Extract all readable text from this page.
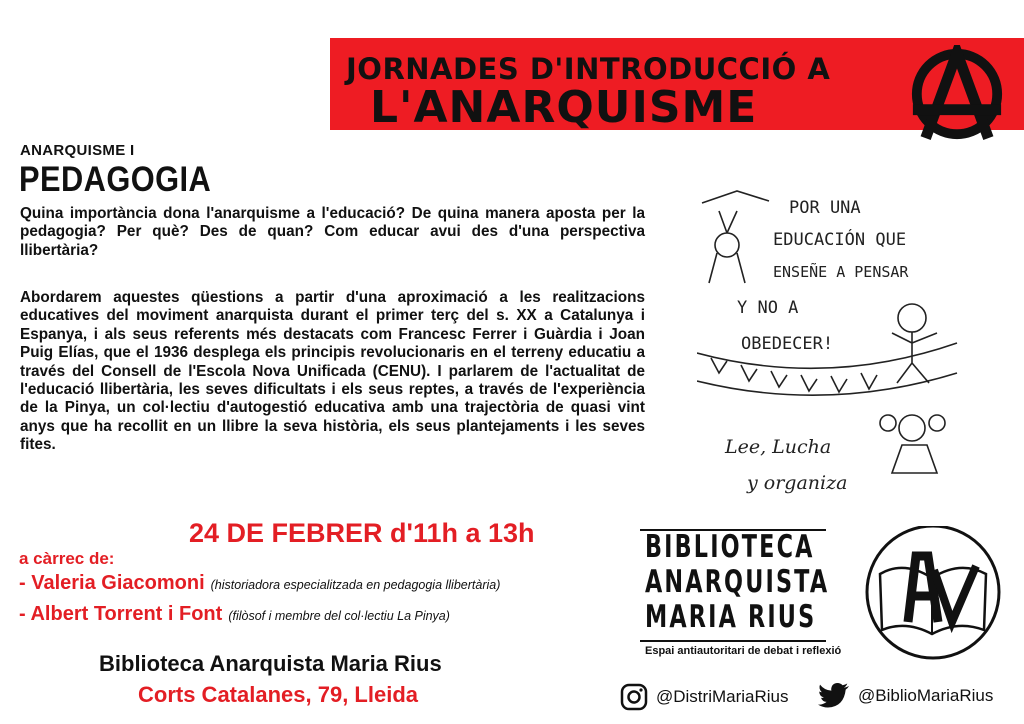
JORNADES D'INTRODUCCIÓ A
L'ANARQUISME
ANARQUISME I
PEDAGOGIA
Quina importància dona l'anarquisme a l'educació? De quina manera aposta per la pedagogia? Per què? Des de quan? Com educar avui des d'una perspectiva llibertària?
Abordarem aquestes qüestions a partir d'una aproximació a les realitzacions educatives del moviment anarquista durant el primer terç del s. XX a Catalunya i Espanya, i als seus referents més destacats com Francesc Ferrer i Guàrdia i Joan Puig Elías, que el 1936 desplega els principis revolucionaris en el terreny educatiu a través del Consell de l'Escola Nova Unificada (CENU). I parlarem de l'actualitat de l'educació llibertària, les seves dificultats i els seus reptes, a través de l'experiència de la Pinya, un col·lectiu d'autogestió educativa amb una trajectòria de quasi vint anys que ha recollit en un llibre la seva història, els seus plantejaments i les seves fites.
24 DE FEBRER d'11h a 13h
a càrrec de:
- Valeria Giacomoni (historiadora especialitzada en pedagogia llibertària)
- Albert Torrent i Font (filòsof i membre del col·lectiu La Pinya)
Biblioteca Anarquista Maria Rius
Corts Catalanes, 79, Lleida
POR UNA
EDUCACIÓN QUE
ENSEÑE A PENSAR
Y NO A
OBEDECER!
Lee, Lucha
y organiza
BIBLIOTECA
ANARQUISTA
MARIA RIUS
Espai antiautoritari de debat i reflexió
@DistriMariaRius	@BiblioMariaRius
